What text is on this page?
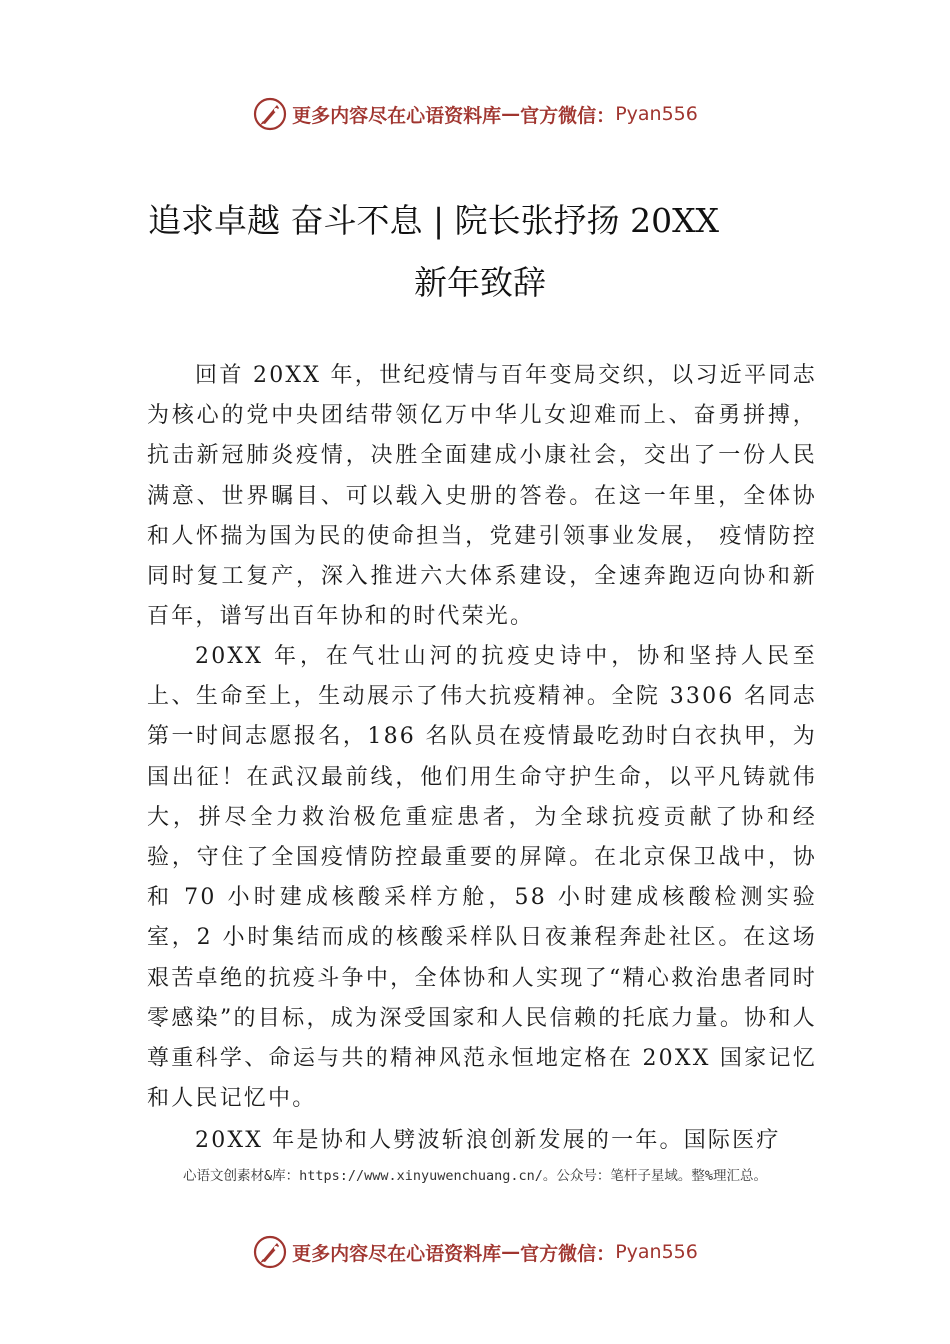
更多内容尽在心语资料库 — 官方微信： Pyan556
追求卓越 奋斗不息 | 院长张抒扬 20XX
新年致辞

回首 20XX 年，世纪疫情与百年变局交织，以习近平同志为核心的党中央团结带领亿万中华儿女迎难而上、奋勇拼搏，抗击新冠肺炎疫情，决胜全面建成小康社会，交出了一份人民满意、世界瞩目、可以载入史册的答卷。在这一年里，全体协和人怀揣为国为民的使命担当，党建引领事业发展， 疫情防控同时复工复产，深入推进六大体系建设，全速奔跑迈向协和新百年，谱写出百年协和的时代荣光。

20XX 年，在气壮山河的抗疫史诗中，协和坚持人民至上、生命至上，生动展示了伟大抗疫精神。全院 3306 名同志第一时间志愿报名，186 名队员在疫情最吃劲时白衣执甲，为国出征！在武汉最前线，他们用生命守护生命，以平凡铸就伟大，拼尽全力救治极危重症患者，为全球抗疫贡献了协和经验，守住了全国疫情防控最重要的屏障。在北京保卫战中，协和 70 小时建成核酸采样方舱，58 小时建成核酸检测实验室，2 小时集结而成的核酸采样队日夜兼程奔赴社区。在这场艰苦卓绝的抗疫斗争中，全体协和人实现了“精心救治患者同时零感染”的目标，成为深受国家和人民信赖的托底力量。协和人尊重科学、命运与共的精神风范永恒地定格在 20XX 国家记忆和人民记忆中。

20XX 年是协和人劈波斩浪创新发展的一年。国际医疗

心语文创素材&库：https://www.xinyuwenchuang.cn/。公众号：笔杆子星域。整%理汇总。
更多内容尽在心语资料库 — 官方微信： Pyan556
